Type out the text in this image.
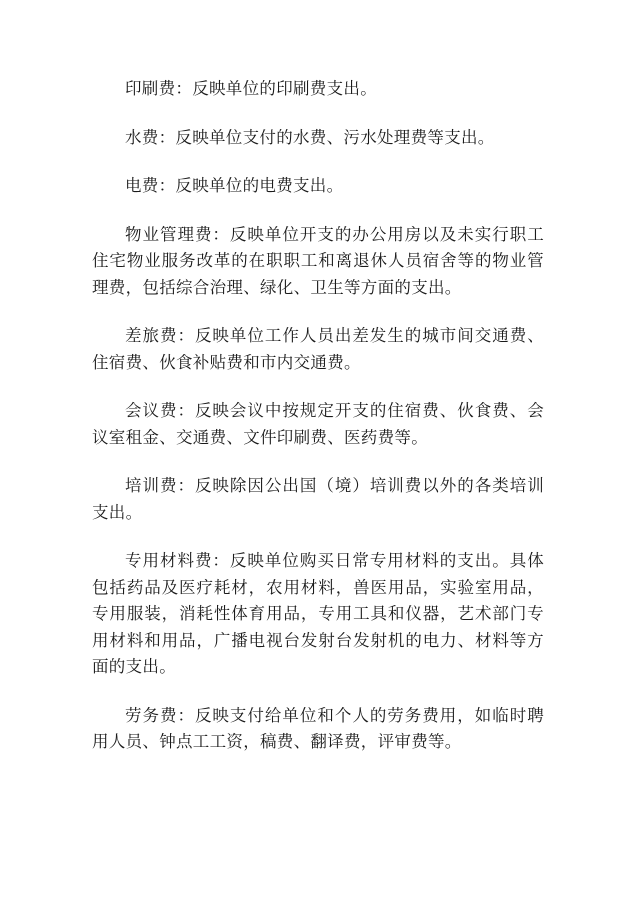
印刷费：反映单位的印刷费支出。

水费：反映单位支付的水费、污水处理费等支出。

电费：反映单位的电费支出。

物业管理费：反映单位开支的办公用房以及未实行职工住宅物业服务改革的在职职工和离退休人员宿舍等的物业管理费，包括综合治理、绿化、卫生等方面的支出。

差旅费：反映单位工作人员出差发生的城市间交通费、住宿费、伙食补贴费和市内交通费。

会议费：反映会议中按规定开支的住宿费、伙食费、会议室租金、交通费、文件印刷费、医药费等。

培训费：反映除因公出国（境）培训费以外的各类培训支出。

专用材料费：反映单位购买日常专用材料的支出。具体包括药品及医疗耗材，农用材料，兽医用品，实验室用品，专用服装，消耗性体育用品，专用工具和仪器，艺术部门专用材料和用品，广播电视台发射台发射机的电力、材料等方面的支出。

劳务费：反映支付给单位和个人的劳务费用，如临时聘用人员、钟点工工资，稿费、翻译费，评审费等。
